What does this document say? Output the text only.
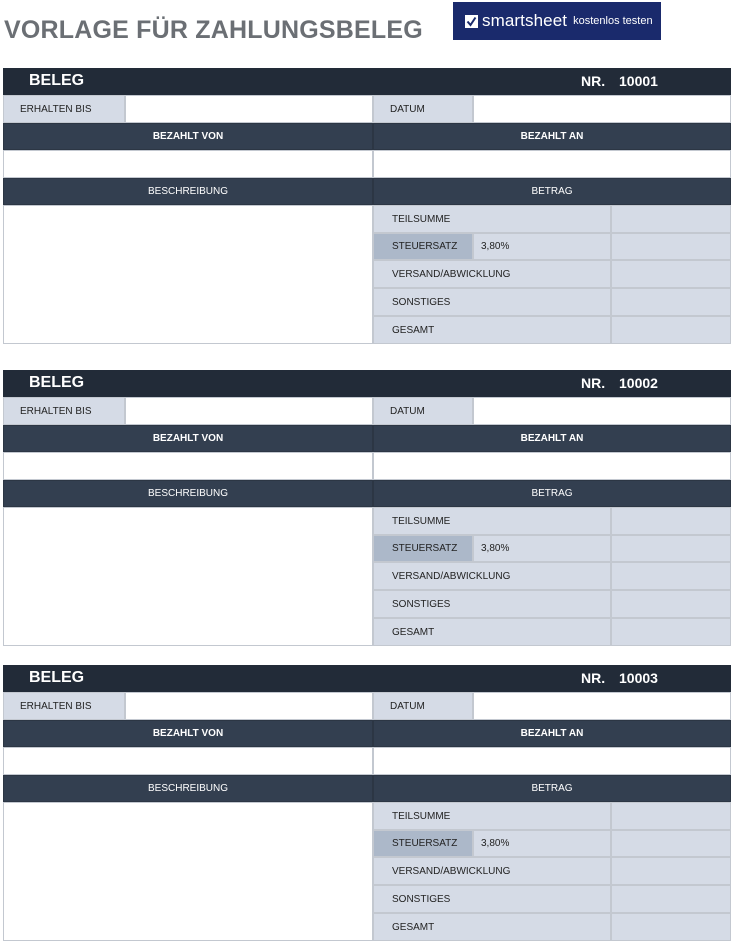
VORLAGE FÜR ZAHLUNGSBELEG	smartsheet kostenlos testen
BELEG	NR. 10001
ERHALTEN BIS	DATUM
BEZAHLT VON	BEZAHLT AN
BESCHREIBUNG	BETRAG
TEILSUMME
STEUERSATZ	3,80%
VERSAND/ABWICKLUNG
SONSTIGES
GESAMT
BELEG	NR. 10002
ERHALTEN BIS	DATUM
BEZAHLT VON	BEZAHLT AN
BESCHREIBUNG	BETRAG
TEILSUMME
STEUERSATZ	3,80%
VERSAND/ABWICKLUNG
SONSTIGES
GESAMT
BELEG	NR. 10003
ERHALTEN BIS	DATUM
BEZAHLT VON	BEZAHLT AN
BESCHREIBUNG	BETRAG
TEILSUMME
STEUERSATZ	3,80%
VERSAND/ABWICKLUNG
SONSTIGES
GESAMT
